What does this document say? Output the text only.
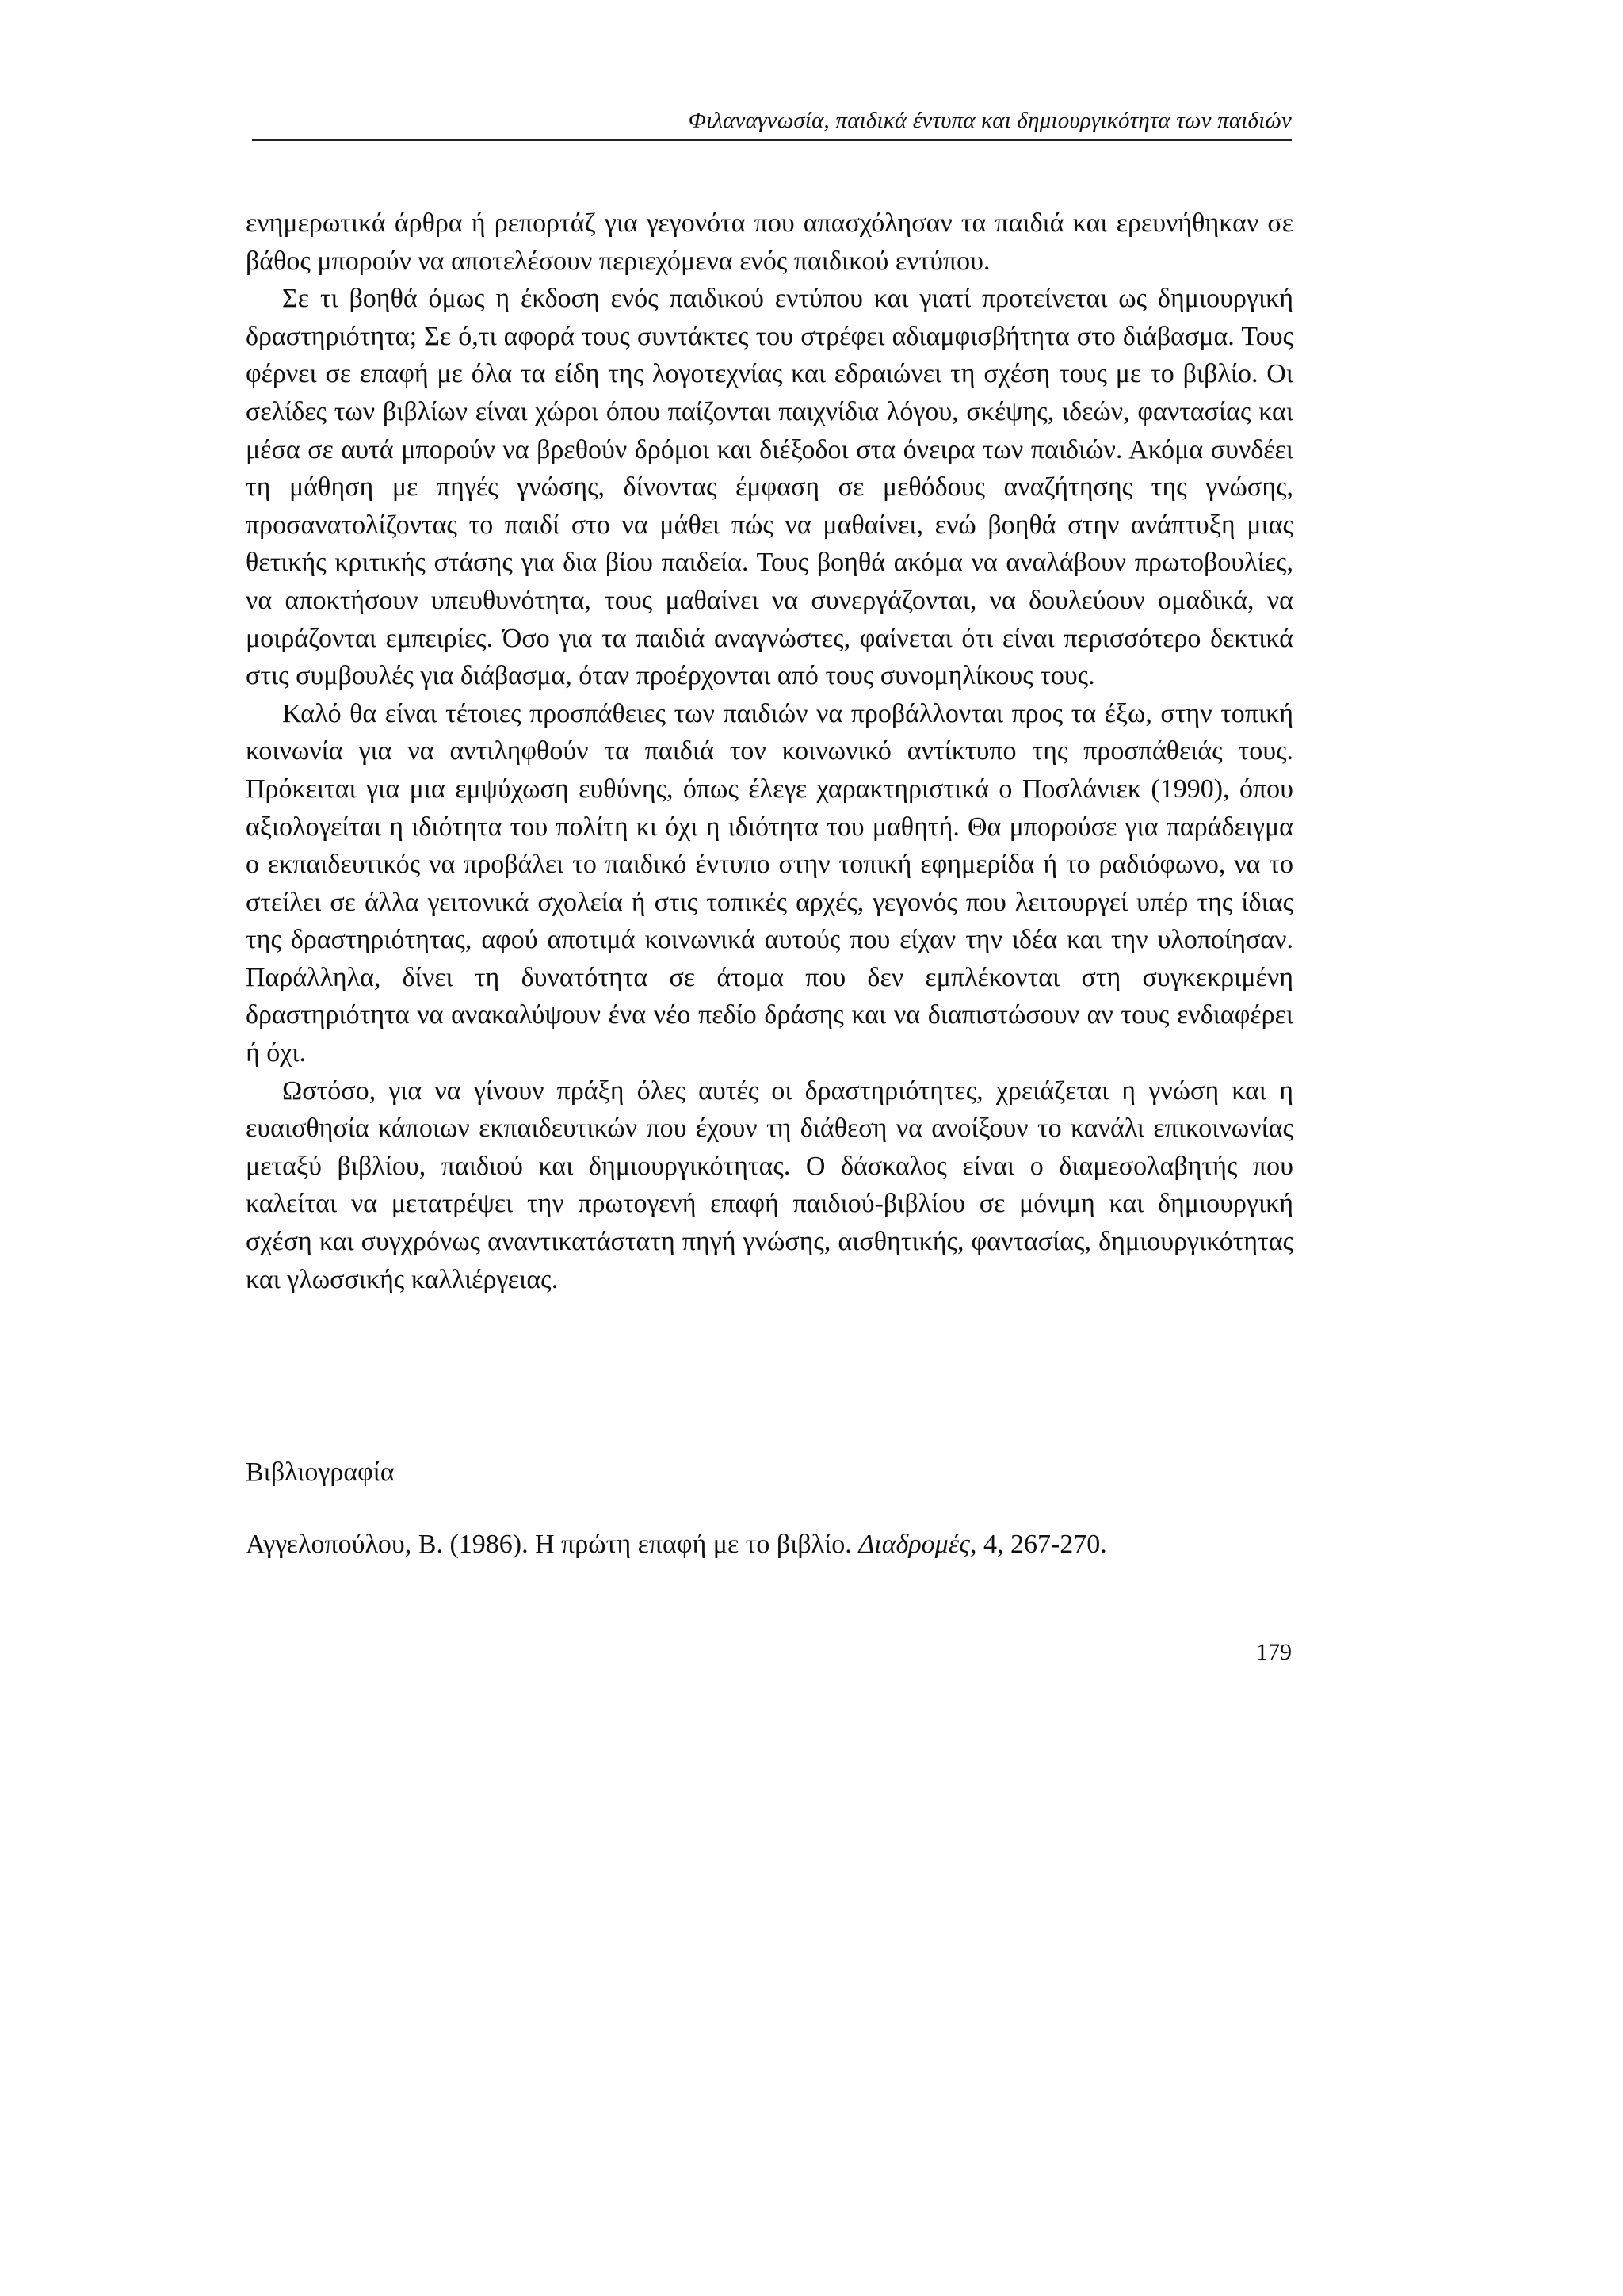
Φιλαναγνωσία, παιδικά έντυπα και δημιουργικότητα των παιδιών

ενημερωτικά άρθρα ή ρεπορτάζ για γεγονότα που απασχόλησαν τα παιδιά και ερευνήθηκαν σε βάθος μπορούν να αποτελέσουν περιεχόμενα ενός παιδικού εντύπου.

Σε τι βοηθά όμως η έκδοση ενός παιδικού εντύπου και γιατί προτείνεται ως δημιουργική δραστηριότητα; Σε ό,τι αφορά τους συντάκτες του στρέφει αδιαμφισβήτητα στο διάβασμα. Τους φέρνει σε επαφή με όλα τα είδη της λογοτεχνίας και εδραιώνει τη σχέση τους με το βιβλίο. Οι σελίδες των βιβλίων είναι χώροι όπου παίζονται παιχνίδια λόγου, σκέψης, ιδεών, φαντασίας και μέσα σε αυτά μπορούν να βρεθούν δρόμοι και διέξοδοι στα όνειρα των παιδιών. Ακόμα συνδέει τη μάθηση με πηγές γνώσης, δίνοντας έμφαση σε μεθόδους αναζήτησης της γνώσης, προσανατολίζοντας το παιδί στο να μάθει πώς να μαθαίνει, ενώ βοηθά στην ανάπτυξη μιας θετικής κριτικής στάσης για δια βίου παιδεία. Τους βοηθά ακόμα να αναλάβουν πρωτοβουλίες, να αποκτήσουν υπευθυνότητα, τους μαθαίνει να συνεργάζονται, να δουλεύουν ομαδικά, να μοιράζονται εμπειρίες. Όσο για τα παιδιά αναγνώστες, φαίνεται ότι είναι περισσότερο δεκτικά στις συμβουλές για διάβασμα, όταν προέρχονται από τους συνομηλίκους τους.

Καλό θα είναι τέτοιες προσπάθειες των παιδιών να προβάλλονται προς τα έξω, στην τοπική κοινωνία για να αντιληφθούν τα παιδιά τον κοινωνικό αντίκτυπο της προσπάθειάς τους. Πρόκειται για μια εμψύχωση ευθύνης, όπως έλεγε χαρακτηριστικά ο Ποσλάνιεκ (1990), όπου αξιολογείται η ιδιότητα του πολίτη κι όχι η ιδιότητα του μαθητή. Θα μπορούσε για παράδειγμα ο εκπαιδευτικός να προβάλει το παιδικό έντυπο στην τοπική εφημερίδα ή το ραδιόφωνο, να το στείλει σε άλλα γειτονικά σχολεία ή στις τοπικές αρχές, γεγονός που λειτουργεί υπέρ της ίδιας της δραστηριότητας, αφού αποτιμά κοινωνικά αυτούς που είχαν την ιδέα και την υλοποίησαν. Παράλληλα, δίνει τη δυνατότητα σε άτομα που δεν εμπλέκονται στη συγκεκριμένη δραστηριότητα να ανακαλύψουν ένα νέο πεδίο δράσης και να διαπιστώσουν αν τους ενδιαφέρει ή όχι.

Ωστόσο, για να γίνουν πράξη όλες αυτές οι δραστηριότητες, χρειάζεται η γνώση και η ευαισθησία κάποιων εκπαιδευτικών που έχουν τη διάθεση να ανοίξουν το κανάλι επικοινωνίας μεταξύ βιβλίου, παιδιού και δημιουργικότητας. Ο δάσκαλος είναι ο διαμεσολαβητής που καλείται να μετατρέψει την πρωτογενή επαφή παιδιού-βιβλίου σε μόνιμη και δημιουργική σχέση και συγχρόνως αναντικατάστατη πηγή γνώσης, αισθητικής, φαντασίας, δημιουργικότητας και γλωσσικής καλλιέργειας.

Βιβλιογραφία
Αγγελοπούλου, Β. (1986). Η πρώτη επαφή με το βιβλίο. Διαδρομές, 4, 267-270.
179
